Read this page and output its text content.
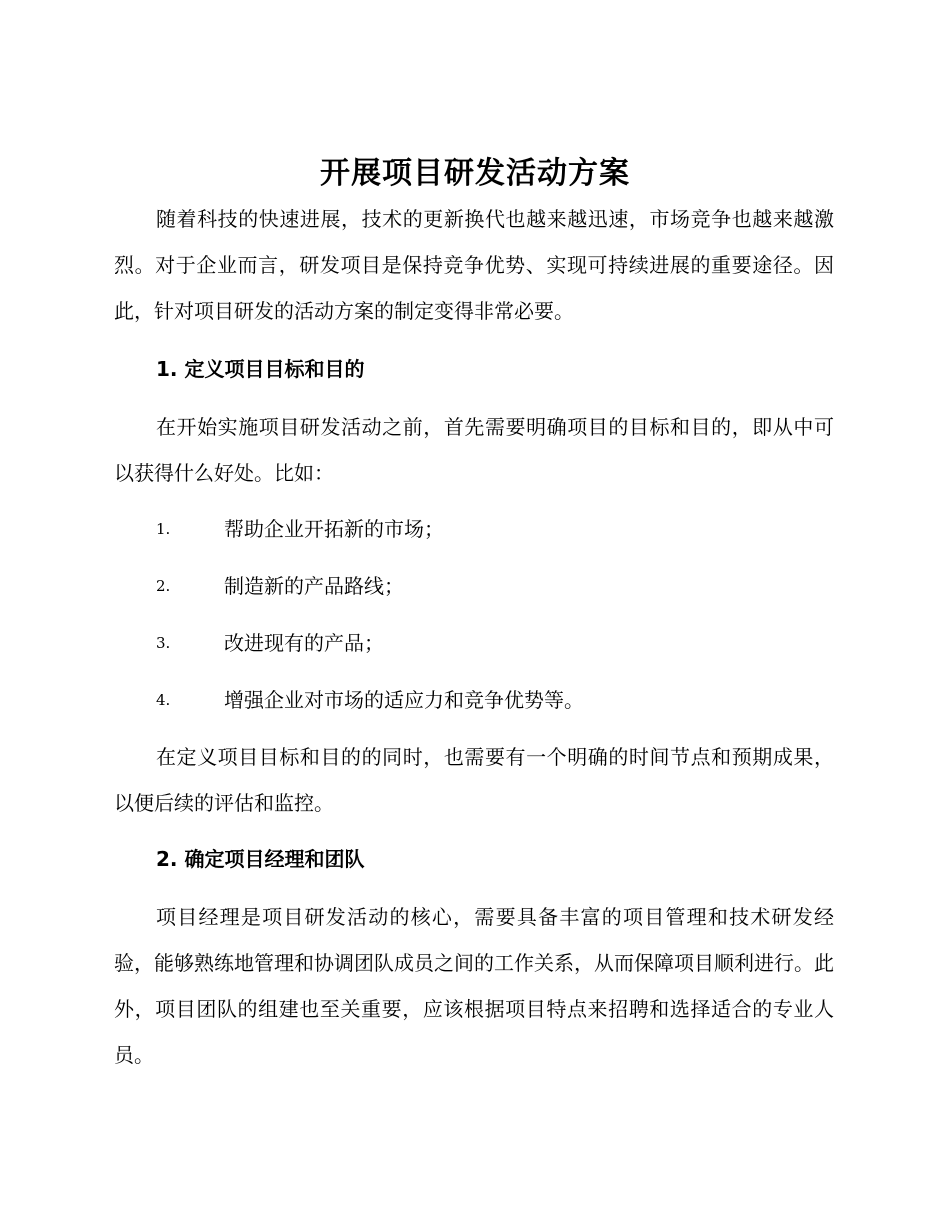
开展项目研发活动方案

随着科技的快速进展，技术的更新换代也越来越迅速，市场竞争也越来越激烈。对于企业而言，研发项目是保持竞争优势、实现可持续进展的重要途径。因此，针对项目研发的活动方案的制定变得非常必要。

1. 定义项目目标和目的

在开始实施项目研发活动之前，首先需要明确项目的目标和目的，即从中可以获得什么好处。比如：

1.	帮助企业开拓新的市场；
2.	制造新的产品路线；
3.	改进现有的产品；
4.	增强企业对市场的适应力和竞争优势等。

在定义项目目标和目的的同时，也需要有一个明确的时间节点和预期成果，以便后续的评估和监控。

2. 确定项目经理和团队

项目经理是项目研发活动的核心，需要具备丰富的项目管理和技术研发经验，能够熟练地管理和协调团队成员之间的工作关系，从而保障项目顺利进行。此外，项目团队的组建也至关重要，应该根据项目特点来招聘和选择适合的专业人员。
